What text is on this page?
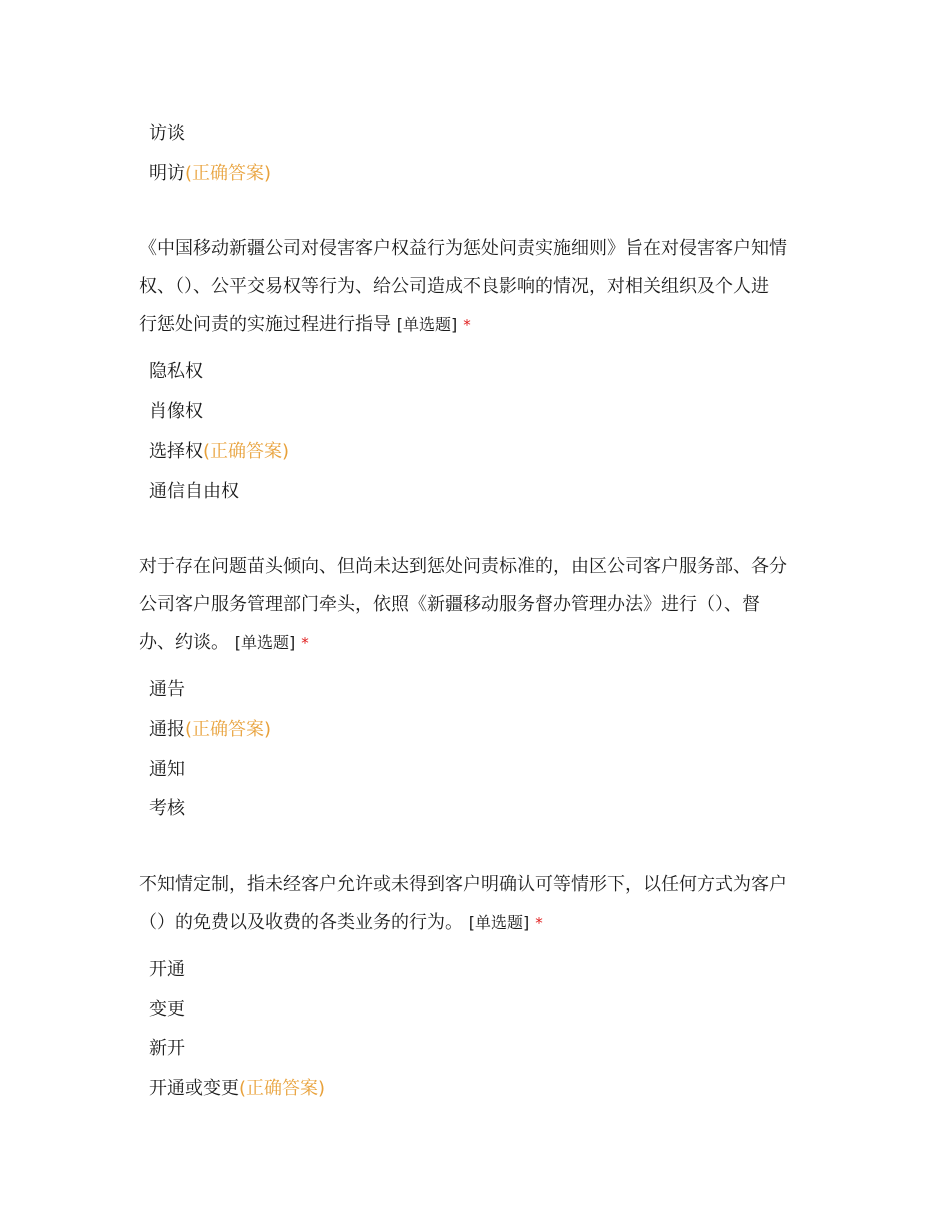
访谈
明访(正确答案)
《中国移动新疆公司对侵害客户权益行为惩处问责实施细则》旨在对侵害客户知情
权、（）、公平交易权等行为、给公司造成不良影响的情况，对相关组织及个人进
行惩处问责的实施过程进行指导 [单选题] *
隐私权
肖像权
选择权(正确答案)
通信自由权
对于存在问题苗头倾向、但尚未达到惩处问责标准的，由区公司客户服务部、各分
公司客户服务管理部门牵头，依照《新疆移动服务督办管理办法》进行（）、督
办、约谈。 [单选题] *
通告
通报(正确答案)
通知
考核
不知情定制，指未经客户允许或未得到客户明确认可等情形下，以任何方式为客户
（）的免费以及收费的各类业务的行为。 [单选题] *
开通
变更
新开
开通或变更(正确答案)
